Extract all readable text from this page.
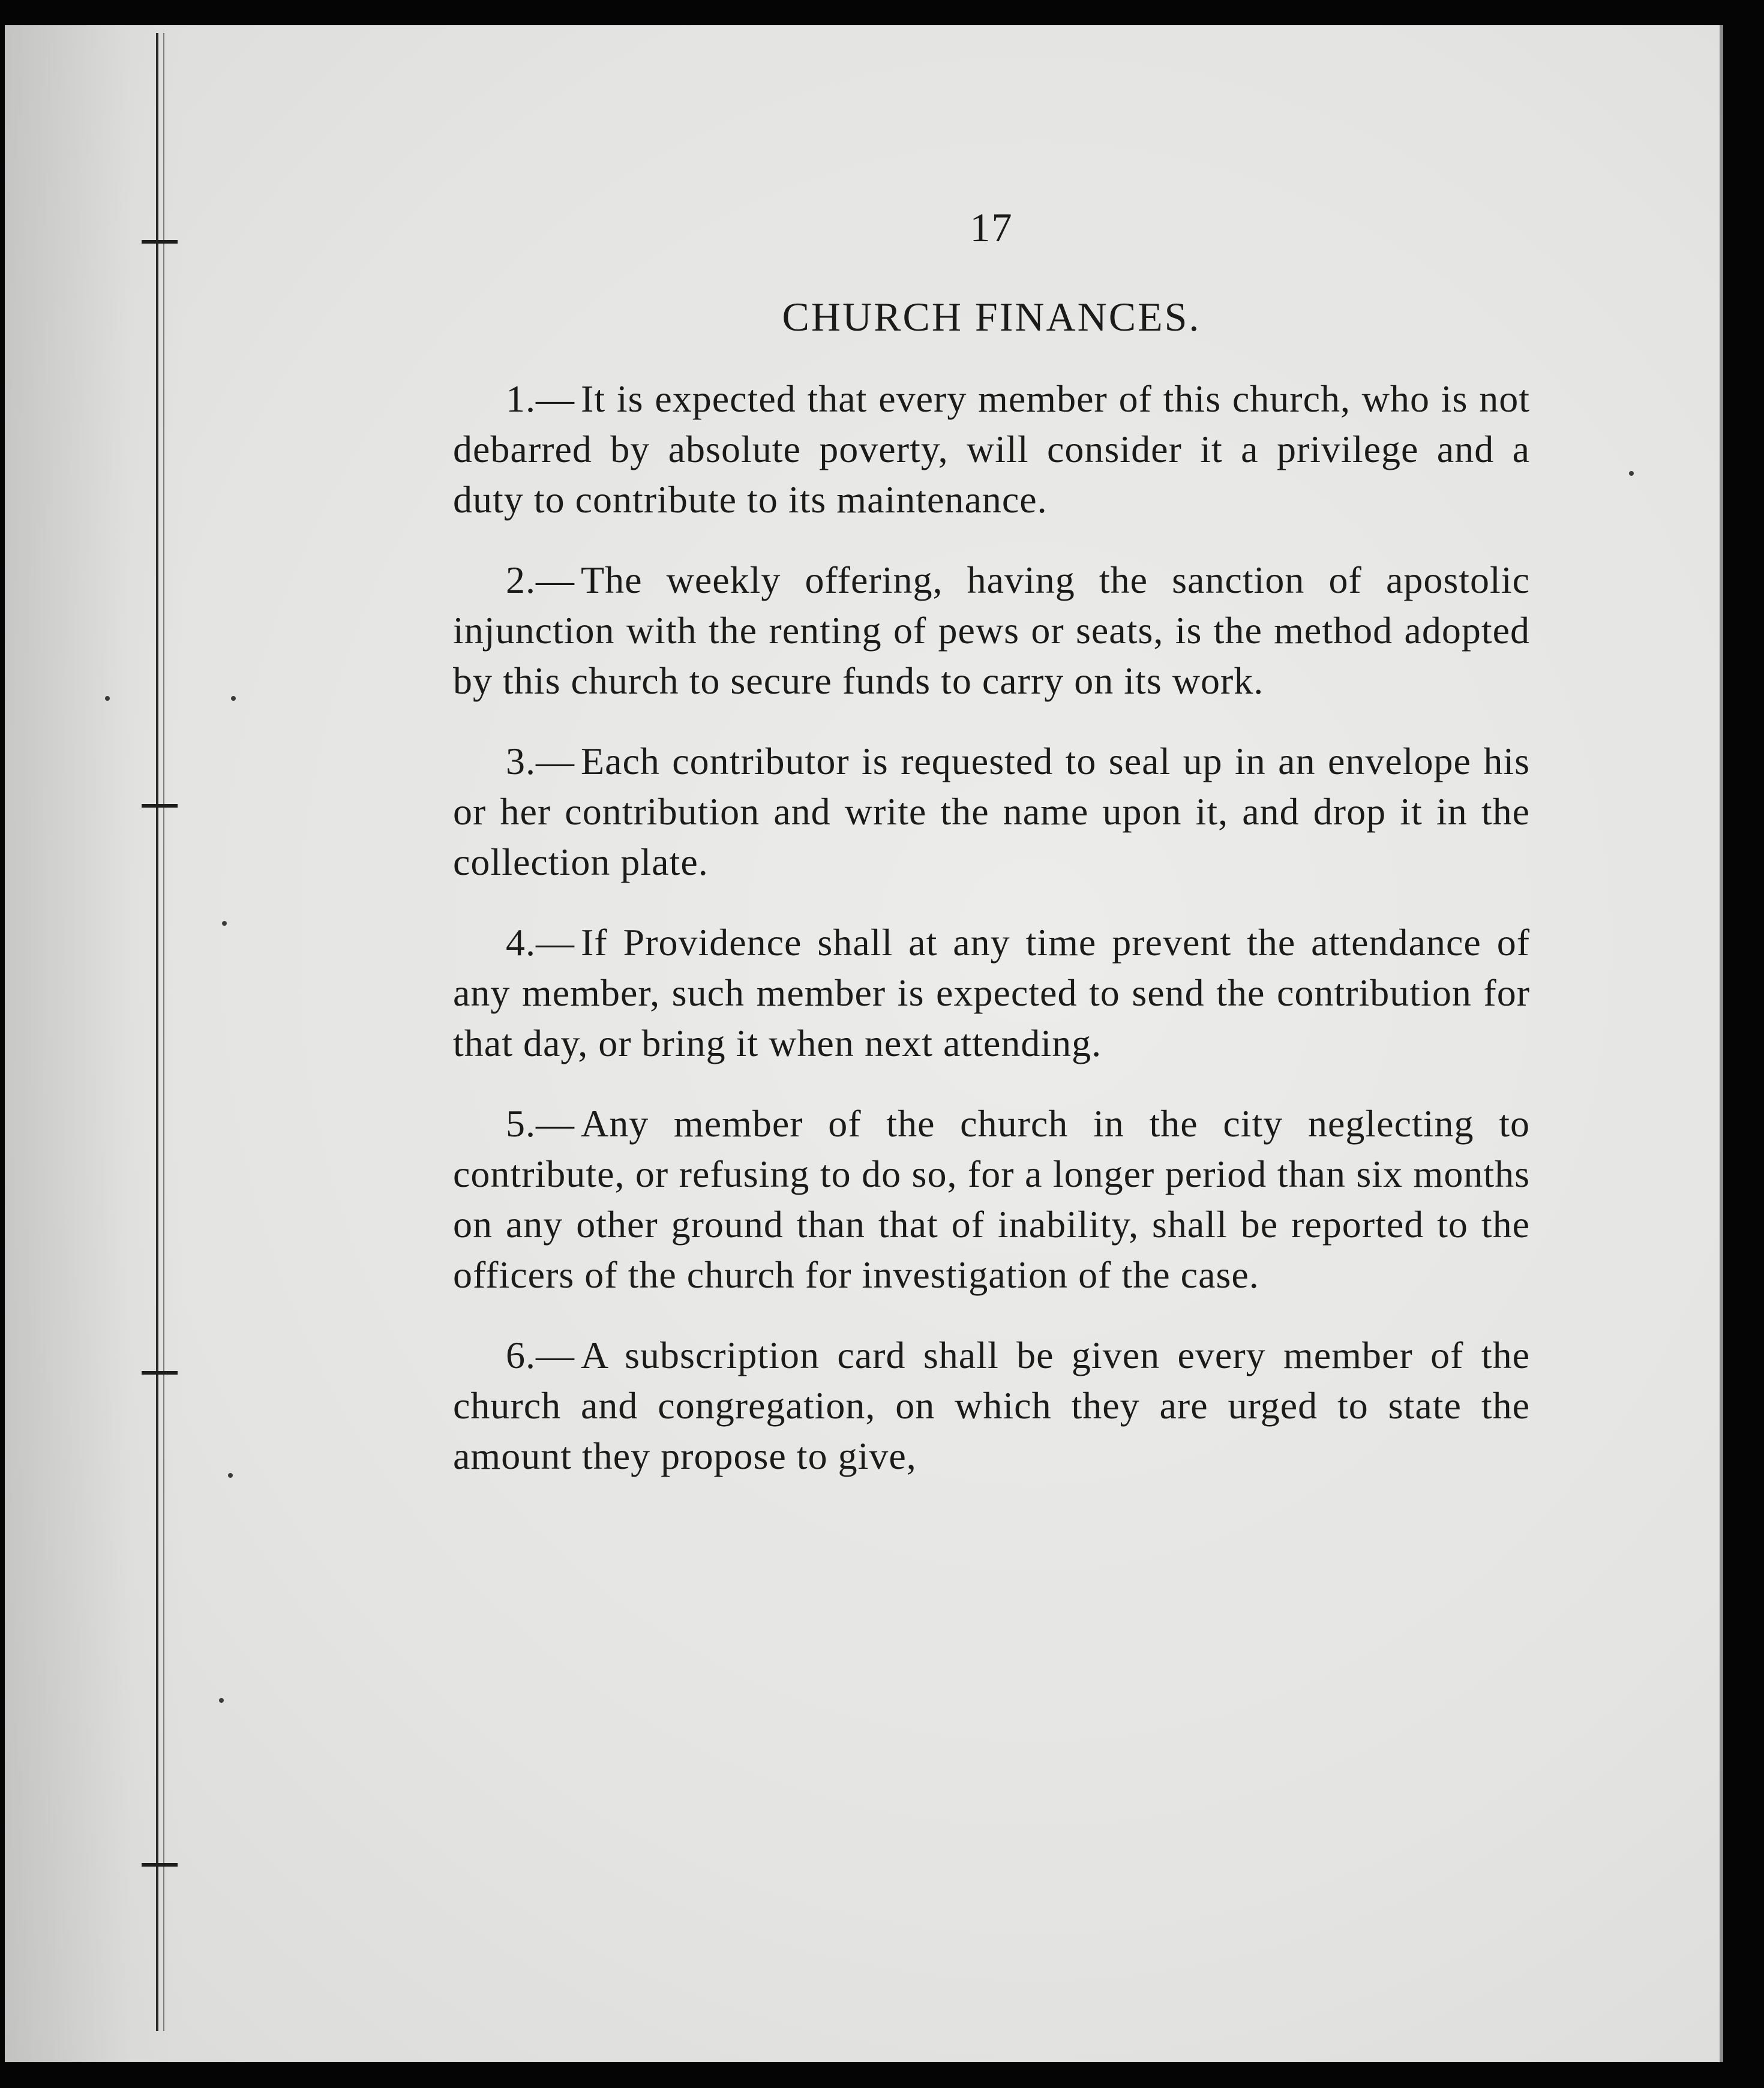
17
CHURCH FINANCES.

1.— It is expected that every member of this church, who is not debarred by absolute poverty, will consider it a privilege and a duty to contribute to its maintenance.

2.— The weekly offering, having the sanction of apostolic injunction with the renting of pews or seats, is the method adopted by this church to secure funds to carry on its work.

3.— Each contributor is requested to seal up in an envelope his or her contribution and write the name upon it, and drop it in the collection plate.

4.— If Providence shall at any time prevent the attendance of any member, such member is expected to send the contribution for that day, or bring it when next attending.

5.— Any member of the church in the city neglecting to contribute, or refusing to do so, for a longer period than six months on any other ground than that of inability, shall be reported to the officers of the church for investigation of the case.

6.— A subscription card shall be given every member of the church and congregation, on which they are urged to state the amount they propose to give,
